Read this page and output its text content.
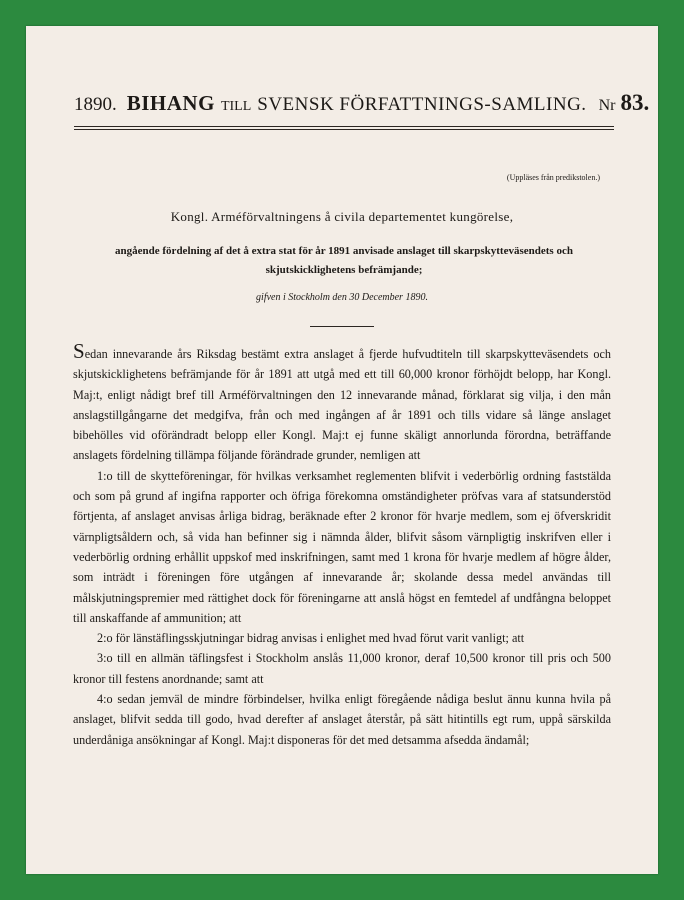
1890. BIHANG TILL SVENSK FÖRFATTNINGS-SAMLING. Nr 83.
(Uppläses från predikstolen.)
Kongl. Arméförvaltningens å civila departementet kungörelse,
angående fördelning af det å extra stat för år 1891 anvisade anslaget till skarpskytteväsendets och skjutskicklighetens befrämjande;
gifven i Stockholm den 30 December 1890.

Sedan innevarande års Riksdag bestämt extra anslaget å fjerde hufvudtiteln till skarpskytteväsendets och skjutskicklighetens befrämjande för år 1891 att utgå med ett till 60,000 kronor förhöjdt belopp, har Kongl. Maj:t, enligt nådigt bref till Arméförvaltningen den 12 innevarande månad, förklarat sig vilja, i den mån anslagstillgångarne det medgifva, från och med ingången af år 1891 och tills vidare så länge anslaget bibehölles vid oförändradt belopp eller Kongl. Maj:t ej funne skäligt annorlunda förordna, beträffande anslagets fördelning tillämpa följande förändrade grunder, nemligen att

1:o till de skytteföreningar, för hvilkas verksamhet reglementen blifvit i vederbörlig ordning faststälda och som på grund af ingifna rapporter och öfriga förekomna omständigheter pröfvas vara af statsunderstöd förtjenta, af anslaget anvisas årliga bidrag, beräknade efter 2 kronor för hvarje medlem, som ej öfverskridit värnpligtsåldern och, så vida han befinner sig i nämnda ålder, blifvit såsom värnpligtig inskrifven eller i vederbörlig ordning erhållit uppskof med inskrifningen, samt med 1 krona för hvarje medlem af högre ålder, som inträdt i föreningen före utgången af innevarande år; skolande dessa medel användas till målskjutningspremier med rättighet dock för föreningarne att anslå högst en femtedel af undfångna beloppet till anskaffande af ammunition; att

2:o för länstäflingsskjutningar bidrag anvisas i enlighet med hvad förut varit vanligt; att

3:o till en allmän täflingsfest i Stockholm anslås 11,000 kronor, deraf 10,500 kronor till pris och 500 kronor till festens anordnande; samt att

4:o sedan jemväl de mindre förbindelser, hvilka enligt föregående nådiga beslut ännu kunna hvila på anslaget, blifvit sedda till godo, hvad derefter af anslaget återstår, på sätt hitintills egt rum, uppå särskilda underdåniga ansökningar af Kongl. Maj:t disponeras för det med detsamma afsedda ändamål;
